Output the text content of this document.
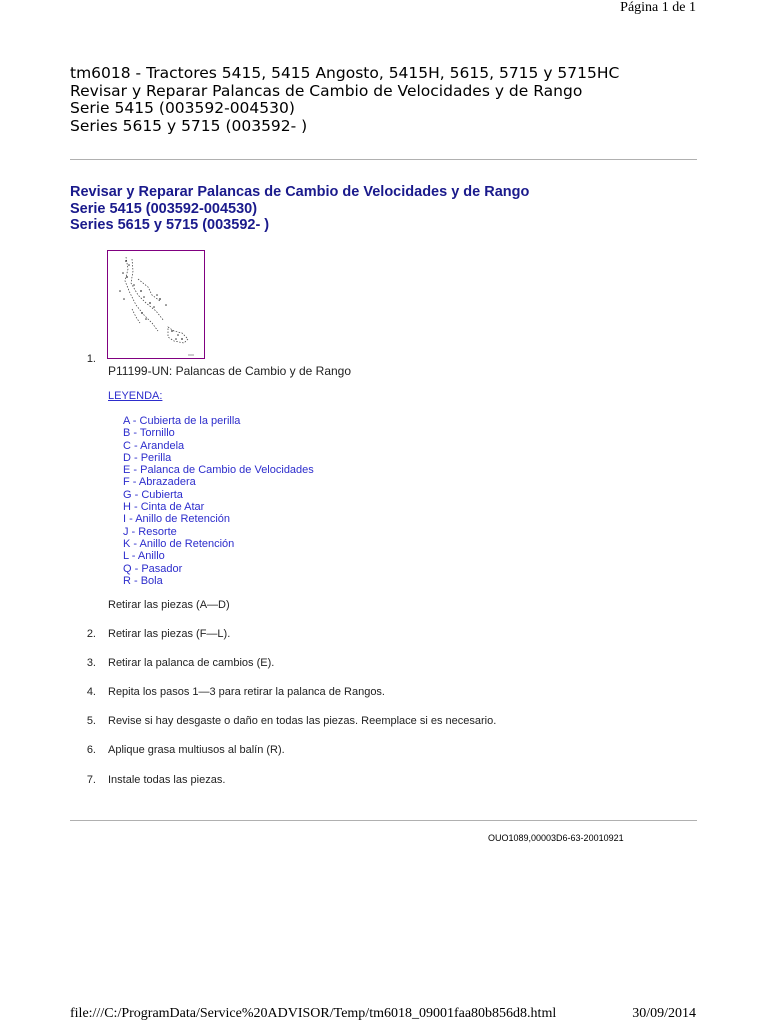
Página 1 de 1
tm6018 - Tractores 5415, 5415 Angosto, 5415H, 5615, 5715 y 5715HC
Revisar y Reparar Palancas de Cambio de Velocidades y de Rango
Serie 5415 (003592-004530)
Series 5615 y 5715 (003592- )
Revisar y Reparar Palancas de Cambio de Velocidades y de Rango
Serie 5415 (003592-004530)
Series 5615 y 5715 (003592- )
1.
P11199-UN: Palancas de Cambio y de Rango
LEYENDA:
A - Cubierta de la perilla
B - Tornillo
C - Arandela
D - Perilla
E - Palanca de Cambio de Velocidades
F - Abrazadera
G - Cubierta
H - Cinta de Atar
I - Anillo de Retención
J - Resorte
K - Anillo de Retención
L - Anillo
Q - Pasador
R - Bola
Retirar las piezas (A—D)
2. Retirar las piezas (F—L).
3. Retirar la palanca de cambios (E).
4. Repita los pasos 1—3 para retirar la palanca de Rangos.
5. Revise si hay desgaste o daño en todas las piezas. Reemplace si es necesario.
6. Aplique grasa multiusos al balín (R).
7. Instale todas las piezas.
OUO1089,00003D6-63-20010921
file:///C:/ProgramData/Service%20ADVISOR/Temp/tm6018_09001faa80b856d8.html	30/09/2014
